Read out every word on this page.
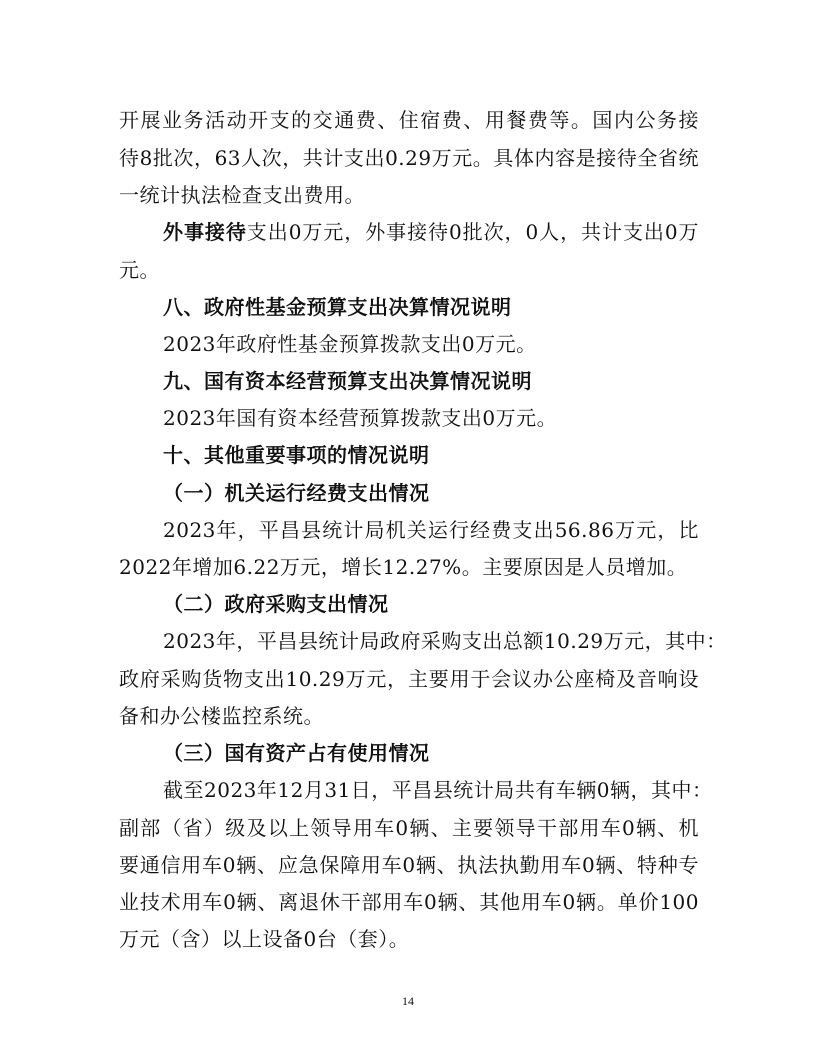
开展业务活动开支的交通费、住宿费、用餐费等。国内公务接
待8批次，63人次，共计支出0.29万元。具体内容是接待全省统
一统计执法检查支出费用。
外事接待支出0万元，外事接待0批次，0人，共计支出0万
元。
八、政府性基金预算支出决算情况说明
2023年政府性基金预算拨款支出0万元。
九、国有资本经营预算支出决算情况说明
2023年国有资本经营预算拨款支出0万元。
十、其他重要事项的情况说明
（一）机关运行经费支出情况
2023年，平昌县统计局机关运行经费支出56.86万元，比
2022年增加6.22万元，增长12.27%。主要原因是人员增加。
（二）政府采购支出情况
2023年，平昌县统计局政府采购支出总额10.29万元，其中：
政府采购货物支出10.29万元，主要用于会议办公座椅及音响设
备和办公楼监控系统。
（三）国有资产占有使用情况
截至2023年12月31日，平昌县统计局共有车辆0辆，其中：
副部（省）级及以上领导用车0辆、主要领导干部用车0辆、机
要通信用车0辆、应急保障用车0辆、执法执勤用车0辆、特种专
业技术用车0辆、离退休干部用车0辆、其他用车0辆。单价100
万元（含）以上设备0台（套）。
14
